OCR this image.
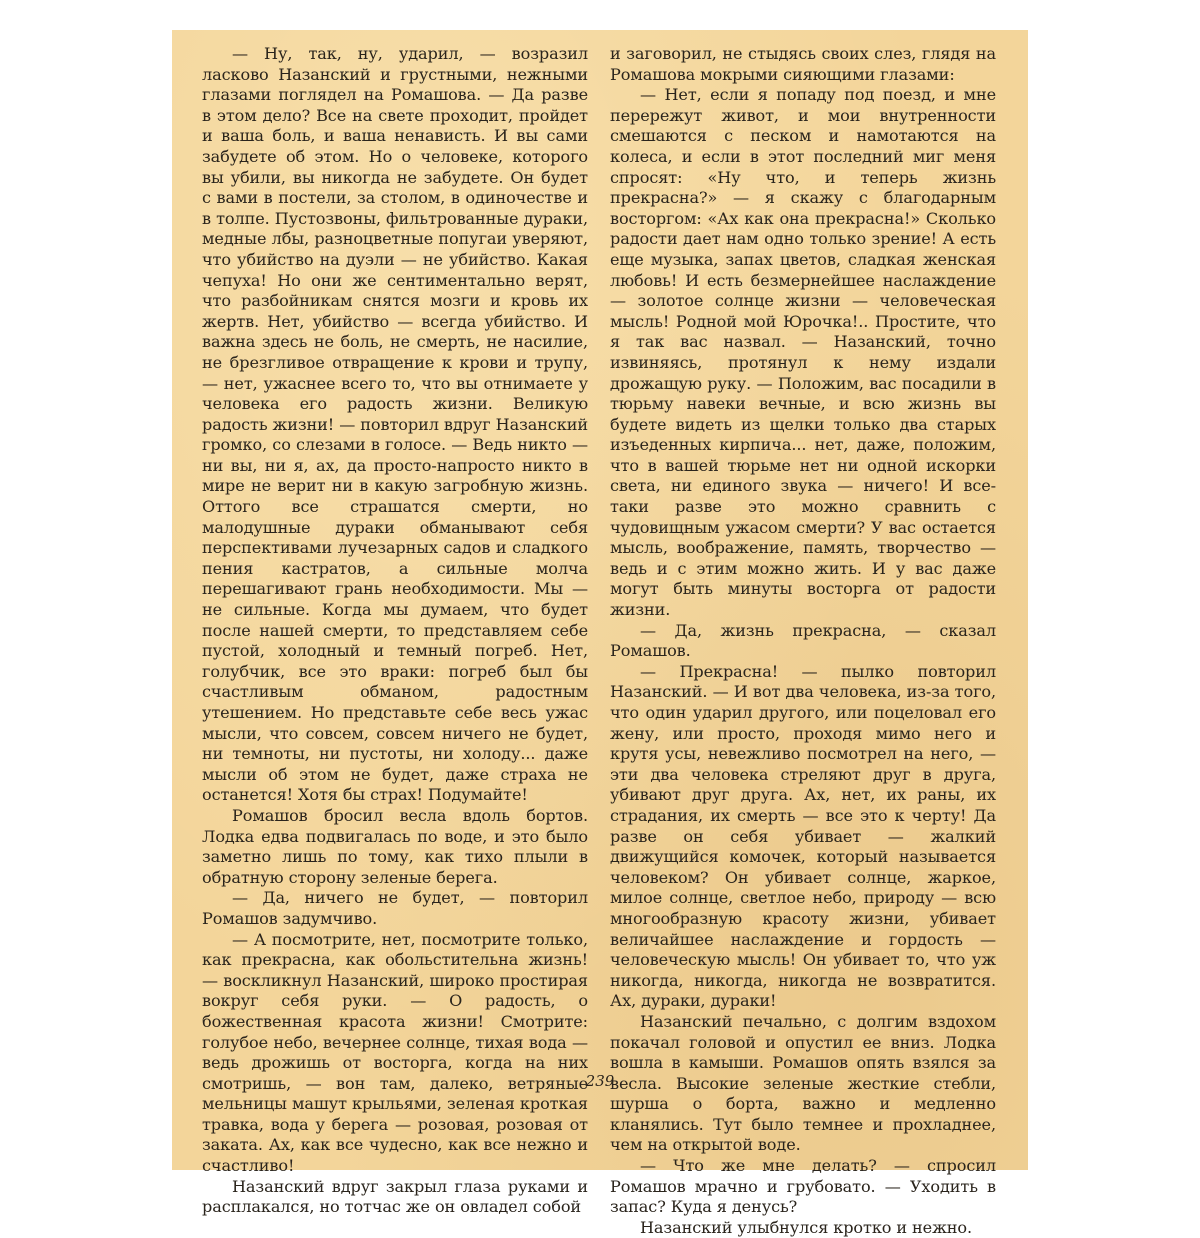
— Ну, так, ну, ударил, — возразил ласково Назанский и грустными, нежными глазами поглядел на Ромашова. — Да разве в этом дело? Все на свете проходит, пройдет и ваша боль, и ваша ненависть. И вы сами забудете об этом. Но о человеке, которого вы убили, вы никогда не забудете. Он будет с вами в постели, за столом, в одиночестве и в толпе. Пустозвоны, фильтрованные дураки, медные лбы, разноцветные попугаи уверяют, что убийство на дуэли — не убийство. Какая чепуха! Но они же сентиментально верят, что разбойникам снятся мозги и кровь их жертв. Нет, убийство — всегда убийство. И важна здесь не боль, не смерть, не насилие, не брезгливое отвращение к крови и трупу, — нет, ужаснее всего то, что вы отнимаете у человека его радость жизни. Великую радость жизни! — повторил вдруг Назанский громко, со слезами в голосе. — Ведь никто — ни вы, ни я, ах, да просто-напросто никто в мире не верит ни в какую загробную жизнь. Оттого все страшатся смерти, но малодушные дураки обманывают себя перспективами лучезарных садов и сладкого пения кастратов, а сильные молча перешагивают грань необходимости. Мы — не сильные. Когда мы думаем, что будет после нашей смерти, то представляем себе пустой, холодный и темный погреб. Нет, голубчик, все это враки: погреб был бы счастливым обманом, радостным утешением. Но представьте себе весь ужас мысли, что совсем, совсем ничего не будет, ни темноты, ни пустоты, ни холоду... даже мысли об этом не будет, даже страха не останется! Хотя бы страх! Подумайте!

Ромашов бросил весла вдоль бортов. Лодка едва подвигалась по воде, и это было заметно лишь по тому, как тихо плыли в обратную сторону зеленые берега.

— Да, ничего не будет, — повторил Ромашов задумчиво.

— А посмотрите, нет, посмотрите только, как прекрасна, как обольстительна жизнь! — воскликнул Назанский, широко простирая вокруг себя руки. — О радость, о божественная красота жизни! Смотрите: голубое небо, вечернее солнце, тихая вода — ведь дрожишь от восторга, когда на них смотришь, — вон там, далеко, ветряные мельницы машут крыльями, зеленая кроткая травка, вода у берега — розовая, розовая от заката. Ах, как все чудесно, как все нежно и счастливо!

Назанский вдруг закрыл глаза руками и расплакался, но тотчас же он овладел собой

и заговорил, не стыдясь своих слез, глядя на Ромашова мокрыми сияющими глазами:

— Нет, если я попаду под поезд, и мне перережут живот, и мои внутренности смешаются с песком и намотаются на колеса, и если в этот последний миг меня спросят: «Ну что, и теперь жизнь прекрасна?» — я скажу с благодарным восторгом: «Ах как она прекрасна!» Сколько радости дает нам одно только зрение! А есть еще музыка, запах цветов, сладкая женская любовь! И есть безмернейшее наслаждение — золотое солнце жизни — человеческая мысль! Родной мой Юрочка!.. Простите, что я так вас назвал. — Назанский, точно извиняясь, протянул к нему издали дрожащую руку. — Положим, вас посадили в тюрьму навеки вечные, и всю жизнь вы будете видеть из щелки только два старых изъеденных кирпича... нет, даже, положим, что в вашей тюрьме нет ни одной искорки света, ни единого звука — ничего! И все-таки разве это можно сравнить с чудовищным ужасом смерти? У вас остается мысль, воображение, память, творчество — ведь и с этим можно жить. И у вас даже могут быть минуты восторга от радости жизни.

— Да, жизнь прекрасна, — сказал Ромашов.

— Прекрасна! — пылко повторил Назанский. — И вот два человека, из-за того, что один ударил другого, или поцеловал его жену, или просто, проходя мимо него и крутя усы, невежливо посмотрел на него, — эти два человека стреляют друг в друга, убивают друг друга. Ах, нет, их раны, их страдания, их смерть — все это к черту! Да разве он себя убивает — жалкий движущийся комочек, который называется человеком? Он убивает солнце, жаркое, милое солнце, светлое небо, природу — всю многообразную красоту жизни, убивает величайшее наслаждение и гордость — человеческую мысль! Он убивает то, что уж никогда, никогда, никогда не возвратится. Ах, дураки, дураки!

Назанский печально, с долгим вздохом покачал головой и опустил ее вниз. Лодка вошла в камыши. Ромашов опять взялся за весла. Высокие зеленые жесткие стебли, шурша о борта, важно и медленно кланялись. Тут было темнее и прохладнее, чем на открытой воде.

— Что же мне делать? — спросил Ромашов мрачно и грубовато. — Уходить в запас? Куда я денусь?

Назанский улыбнулся кротко и нежно.

239
